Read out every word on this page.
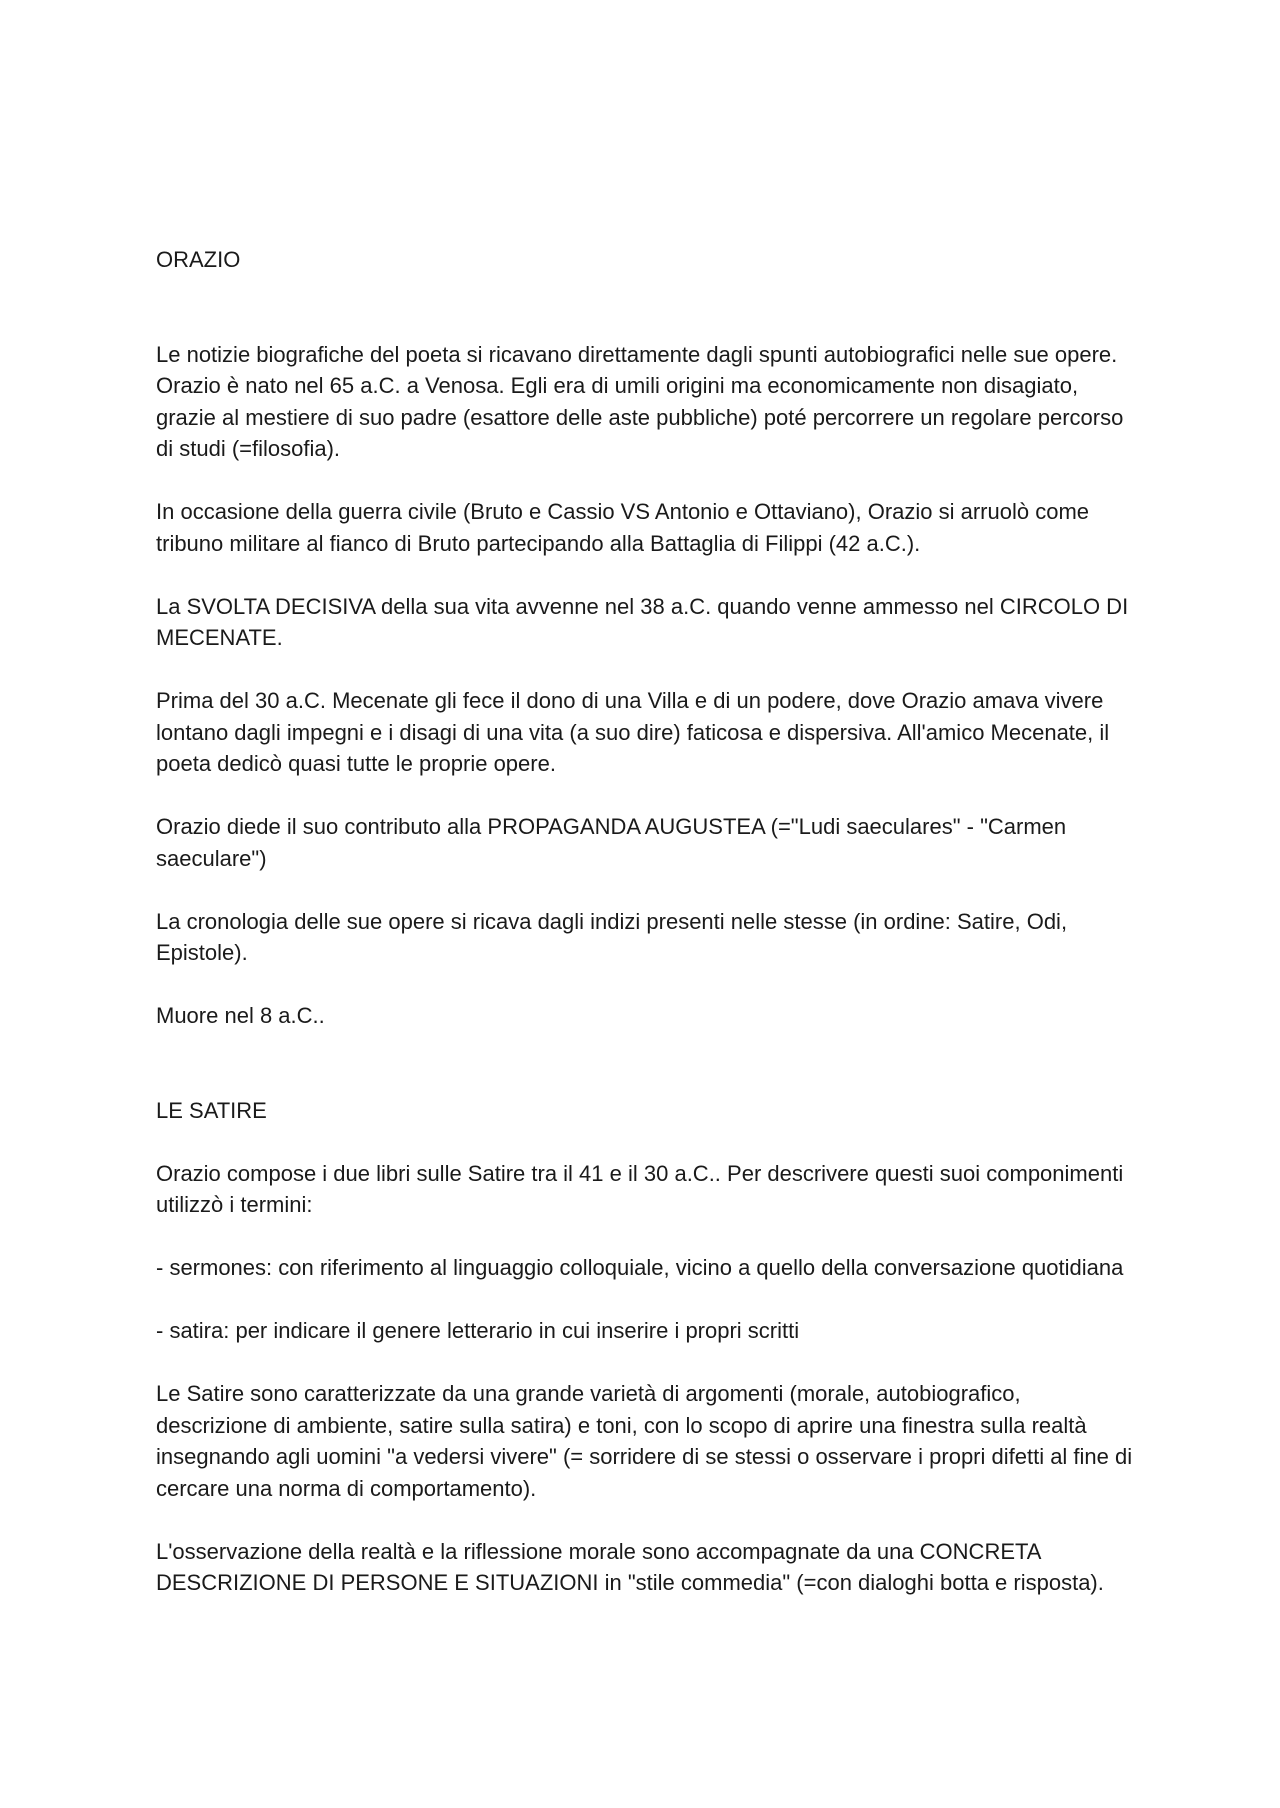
ORAZIO

Le notizie biografiche del poeta si ricavano direttamente dagli spunti autobiografici nelle sue opere. Orazio è nato nel 65 a.C. a Venosa. Egli era di umili origini ma economicamente non disagiato, grazie al mestiere di suo padre (esattore delle aste pubbliche) poté percorrere un regolare percorso di studi (=filosofia).

In occasione della guerra civile (Bruto e Cassio VS Antonio e Ottaviano), Orazio si arruolò come tribuno militare al fianco di Bruto partecipando alla Battaglia di Filippi (42 a.C.).

La SVOLTA DECISIVA della sua vita avvenne nel 38 a.C. quando venne ammesso nel CIRCOLO DI MECENATE.

Prima del 30 a.C. Mecenate gli fece il dono di una Villa e di un podere, dove Orazio amava vivere lontano dagli impegni e i disagi di una vita (a suo dire) faticosa e dispersiva. All'amico Mecenate, il poeta dedicò quasi tutte le proprie opere.

Orazio diede il suo contributo alla PROPAGANDA AUGUSTEA (="Ludi saeculares" - "Carmen saeculare")

La cronologia delle sue opere si ricava dagli indizi presenti nelle stesse (in ordine: Satire, Odi, Epistole).

Muore nel 8 a.C..

LE SATIRE

Orazio compose i due libri sulle Satire tra il 41 e il 30 a.C.. Per descrivere questi suoi componimenti utilizzò i termini:

- sermones: con riferimento al linguaggio colloquiale, vicino a quello della conversazione quotidiana

- satira: per indicare il genere letterario in cui inserire i propri scritti

Le Satire sono caratterizzate da una grande varietà di argomenti (morale, autobiografico, descrizione di ambiente, satire sulla satira) e toni, con lo scopo di aprire una finestra sulla realtà insegnando agli uomini "a vedersi vivere" (= sorridere di se stessi o osservare i propri difetti al fine di cercare una norma di comportamento).

L'osservazione della realtà e la riflessione morale sono accompagnate da una CONCRETA DESCRIZIONE DI PERSONE E SITUAZIONI in "stile commedia" (=con dialoghi botta e risposta).
